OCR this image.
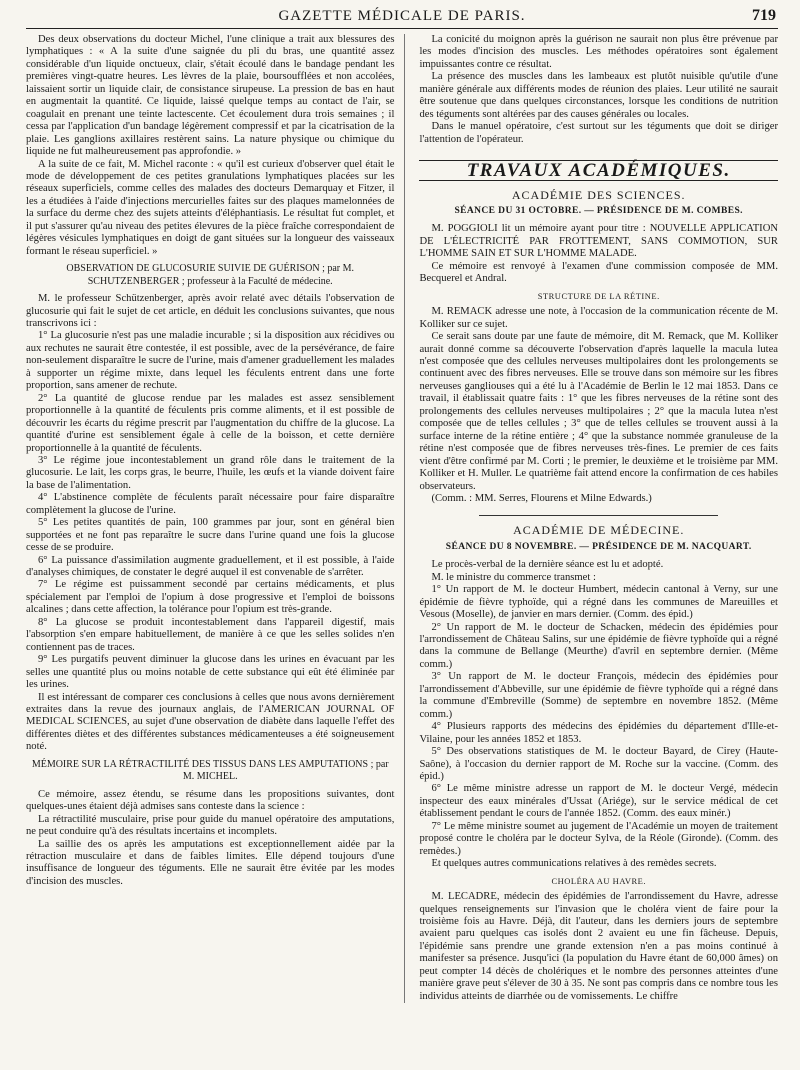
GAZETTE MÉDICALE DE PARIS.	719

Des deux observations du docteur Michel, l'une clinique a trait aux blessures des lymphatiques : « A la suite d'une saignée du pli du bras, une quantité assez considérable d'un liquide onctueux, clair, s'était écoulé dans le bandage pendant les premières vingt-quatre heures. Les lèvres de la plaie, boursoufflées et non accolées, laissaient sortir un liquide clair, de consistance sirupeuse. La pression de bas en haut en augmentait la quantité. Ce liquide, laissé quelque temps au contact de l'air, se coagulait en prenant une teinte lactescente. Cet écoulement dura trois semaines ; il cessa par l'application d'un bandage légèrement compressif et par la cicatrisation de la plaie. Les ganglions axillaires restèrent sains. La nature physique ou chimique du liquide ne fut malheureusement pas approfondie. »

A la suite de ce fait, M. Michel raconte : « qu'il est curieux d'observer quel était le mode de développement de ces petites granulations lymphatiques placées sur les réseaux superficiels, comme celles des malades des docteurs Demarquay et Fitzer, il les a étudiées à l'aide d'injections mercurielles faites sur des plaques mamelonnées de la surface du derme chez des sujets atteints d'éléphantiasis. Le résultat fut complet, et il put s'assurer qu'au niveau des petites élevures de la pièce fraîche correspondaient de légères vésicules lymphatiques en doigt de gant situées sur la longueur des vaisseaux formant le réseau superficiel. »

OBSERVATION DE GLUCOSURIE SUIVIE DE GUÉRISON ; par M. SCHUTZENBERGER ; professeur à la Faculté de médecine.

M. le professeur Schützenberger, après avoir relaté avec détails l'observation de glucosurie qui fait le sujet de cet article, en déduit les conclusions suivantes, que nous transcrivons ici :

1° La glucosurie n'est pas une maladie incurable ; si la disposition aux récidives ou aux rechutes ne saurait être contestée, il est possible, avec de la persévérance, de faire non-seulement disparaître le sucre de l'urine, mais d'amener graduellement les malades à supporter un régime mixte, dans lequel les féculents entrent dans une forte proportion, sans amener de rechute.

2° La quantité de glucose rendue par les malades est assez sensiblement proportionnelle à la quantité de féculents pris comme aliments, et il est possible de découvrir les écarts du régime prescrit par l'augmentation du chiffre de la glucose. La quantité d'urine est sensiblement égale à celle de la boisson, et cette dernière proportionnelle à la quantité de féculents.

3° Le régime joue incontestablement un grand rôle dans le traitement de la glucosurie. Le lait, les corps gras, le beurre, l'huile, les œufs et la viande doivent faire la base de l'alimentation.

4° L'abstinence complète de féculents paraît nécessaire pour faire disparaître complètement la glucose de l'urine.

5° Les petites quantités de pain, 100 grammes par jour, sont en général bien supportées et ne font pas reparaître le sucre dans l'urine quand une fois la glucose cesse de se produire.

6° La puissance d'assimilation augmente graduellement, et il est possible, à l'aide d'analyses chimiques, de constater le degré auquel il est convenable de s'arrêter.

7° Le régime est puissamment secondé par certains médicaments, et plus spécialement par l'emploi de l'opium à dose progressive et l'emploi de boissons alcalines ; dans cette affection, la tolérance pour l'opium est très-grande.

8° La glucose se produit incontestablement dans l'appareil digestif, mais l'absorption s'en empare habituellement, de manière à ce que les selles solides n'en contiennent pas de traces.

9° Les purgatifs peuvent diminuer la glucose dans les urines en évacuant par les selles une quantité plus ou moins notable de cette substance qui eût été éliminée par les urines.

Il est intéressant de comparer ces conclusions à celles que nous avons dernièrement extraites dans la revue des journaux anglais, de l'AMERICAN JOURNAL OF MEDICAL SCIENCES, au sujet d'une observation de diabète dans laquelle l'effet des différentes diètes et des différentes substances médicamenteuses a été soigneusement noté.

MÉMOIRE SUR LA RÉTRACTILITÉ DES TISSUS DANS LES AMPUTATIONS ; par M. MICHEL.

Ce mémoire, assez étendu, se résume dans les propositions suivantes, dont quelques-unes étaient déjà admises sans conteste dans la science :

La rétractilité musculaire, prise pour guide du manuel opératoire des amputations, ne peut conduire qu'à des résultats incertains et incomplets.

La saillie des os après les amputations est exceptionnellement aidée par la rétraction musculaire et dans de faibles limites. Elle dépend toujours d'une insuffisance de longueur des téguments. Elle ne saurait être évitée par les modes d'incision des muscles.

La conicité du moignon après la guérison ne saurait non plus être prévenue par les modes d'incision des muscles. Les méthodes opératoires sont également impuissantes contre ce résultat.

La présence des muscles dans les lambeaux est plutôt nuisible qu'utile d'une manière générale aux différents modes de réunion des plaies. Leur utilité ne saurait être soutenue que dans quelques circonstances, lorsque les conditions de nutrition des téguments sont altérées par des causes générales ou locales.

Dans le manuel opératoire, c'est surtout sur les téguments que doit se diriger l'attention de l'opérateur.

TRAVAUX ACADÉMIQUES.
ACADÉMIE DES SCIENCES.
SÉANCE DU 31 OCTOBRE. — PRÉSIDENCE DE M. COMBES.

M. POGGIOLI lit un mémoire ayant pour titre : NOUVELLE APPLICATION DE L'ÉLECTRICITÉ PAR FROTTEMENT, SANS COMMOTION, SUR L'HOMME SAIN ET SUR L'HOMME MALADE.

Ce mémoire est renvoyé à l'examen d'une commission composée de MM. Becquerel et Andral.

STRUCTURE DE LA RÉTINE.

M. REMACK adresse une note, à l'occasion de la communication récente de M. Kolliker sur ce sujet.

Ce serait sans doute par une faute de mémoire, dit M. Remack, que M. Kolliker aurait donné comme sa découverte l'observation d'après laquelle la macula lutea n'est composée que des cellules nerveuses multipolaires dont les prolongements se continuent avec des fibres nerveuses. Elle se trouve dans son mémoire sur les fibres nerveuses gangliouses qui a été lu à l'Académie de Berlin le 12 mai 1853. Dans ce travail, il établissait quatre faits : 1° que les fibres nerveuses de la rétine sont des prolongements des cellules nerveuses multipolaires ; 2° que la macula lutea n'est composée que de telles cellules ; 3° que de telles cellules se trouvent aussi à la surface interne de la rétine entière ; 4° que la substance nommée granuleuse de la rétine n'est composée que de fibres nerveuses très-fines. Le premier de ces faits vient d'être confirmé par M. Corti ; le premier, le deuxième et le troisième par MM. Kolliker et H. Muller. Le quatrième fait attend encore la confirmation de ces habiles observateurs.

(Comm. : MM. Serres, Flourens et Milne Edwards.)

ACADÉMIE DE MÉDECINE.
SÉANCE DU 8 NOVEMBRE. — PRÉSIDENCE DE M. NACQUART.

Le procès-verbal de la dernière séance est lu et adopté.

M. le ministre du commerce transmet :

1° Un rapport de M. le docteur Humbert, médecin cantonal à Verny, sur une épidémie de fièvre typhoïde, qui a régné dans les communes de Mareuilles et Vesous (Moselle), de janvier en mars dernier. (Comm. des épid.)

2° Un rapport de M. le docteur de Schacken, médecin des épidémies pour l'arrondissement de Château Salins, sur une épidémie de fièvre typhoïde qui a régné dans la commune de Bellange (Meurthe) d'avril en septembre dernier. (Même comm.)

3° Un rapport de M. le docteur François, médecin des épidémies pour l'arrondissement d'Abbeville, sur une épidémie de fièvre typhoïde qui a régné dans la commune d'Embreville (Somme) de septembre en novembre 1852. (Même comm.)

4° Plusieurs rapports des médecins des épidémies du département d'Ille-et-Vilaine, pour les années 1852 et 1853.

5° Des observations statistiques de M. le docteur Bayard, de Cirey (Haute-Saône), à l'occasion du dernier rapport de M. Roche sur la vaccine. (Comm. des épid.)

6° Le même ministre adresse un rapport de M. le docteur Vergé, médecin inspecteur des eaux minérales d'Ussat (Ariége), sur le service médical de cet établissement pendant le cours de l'année 1852. (Comm. des eaux minér.)

7° Le même ministre soumet au jugement de l'Académie un moyen de traitement proposé contre le choléra par le docteur Sylva, de la Réole (Gironde). (Comm. des remèdes.)

Et quelques autres communications relatives à des remèdes secrets.

CHOLÉRA AU HAVRE.

M. LECADRE, médecin des épidémies de l'arrondissement du Havre, adresse quelques renseignements sur l'invasion que le choléra vient de faire pour la troisième fois au Havre. Déjà, dit l'auteur, dans les derniers jours de septembre avaient paru quelques cas isolés dont 2 avaient eu une fin fâcheuse. Depuis, l'épidémie sans prendre une grande extension n'en a pas moins continué à manifester sa présence. Jusqu'ici (la population du Havre étant de 60,000 âmes) on peut compter 14 décès de cholériques et le nombre des personnes atteintes d'une manière grave peut s'élever de 30 à 35. Ne sont pas compris dans ce nombre tous les individus atteints de diarrhée ou de vomissements. Le chiffre
